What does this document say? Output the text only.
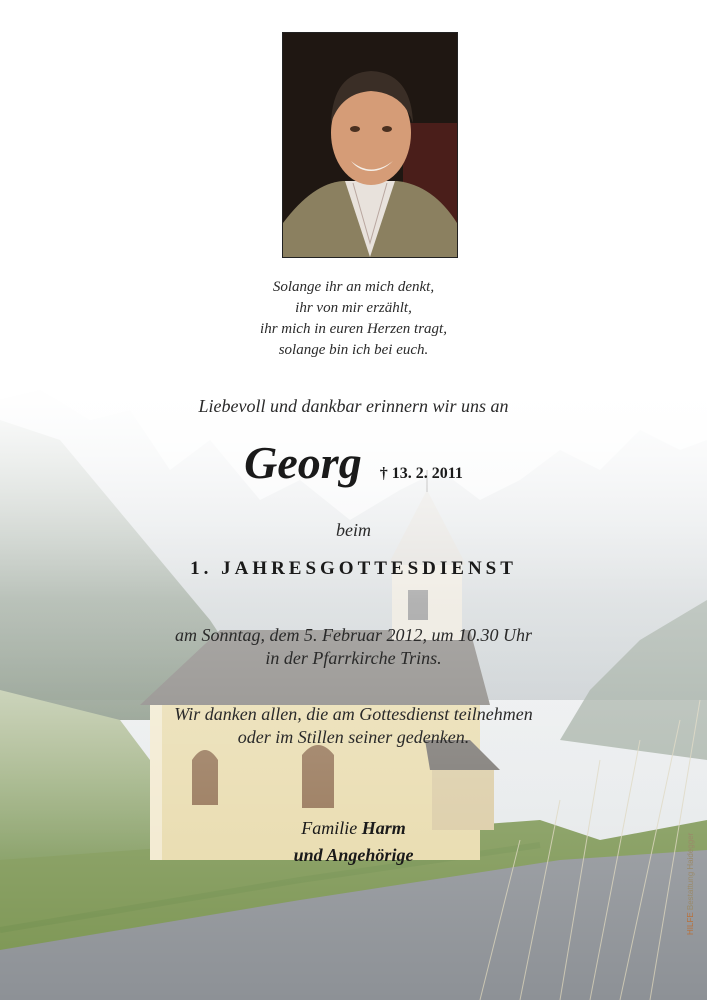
Solange ihr an mich denkt,
ihr von mir erzählt,
ihr mich in euren Herzen tragt,
solange bin ich bei euch.
Liebevoll und dankbar erinnern wir uns an
Georg † 13. 2. 2011
beim
1. JAHRESGOTTESDIENST
am Sonntag, dem 5. Februar 2012, um 10.30 Uhr
in der Pfarrkirche Trins.
Wir danken allen, die am Gottesdienst teilnehmen
oder im Stillen seiner gedenken.
Familie Harm
und Angehörige
HILFE Bestattung Haidegger
